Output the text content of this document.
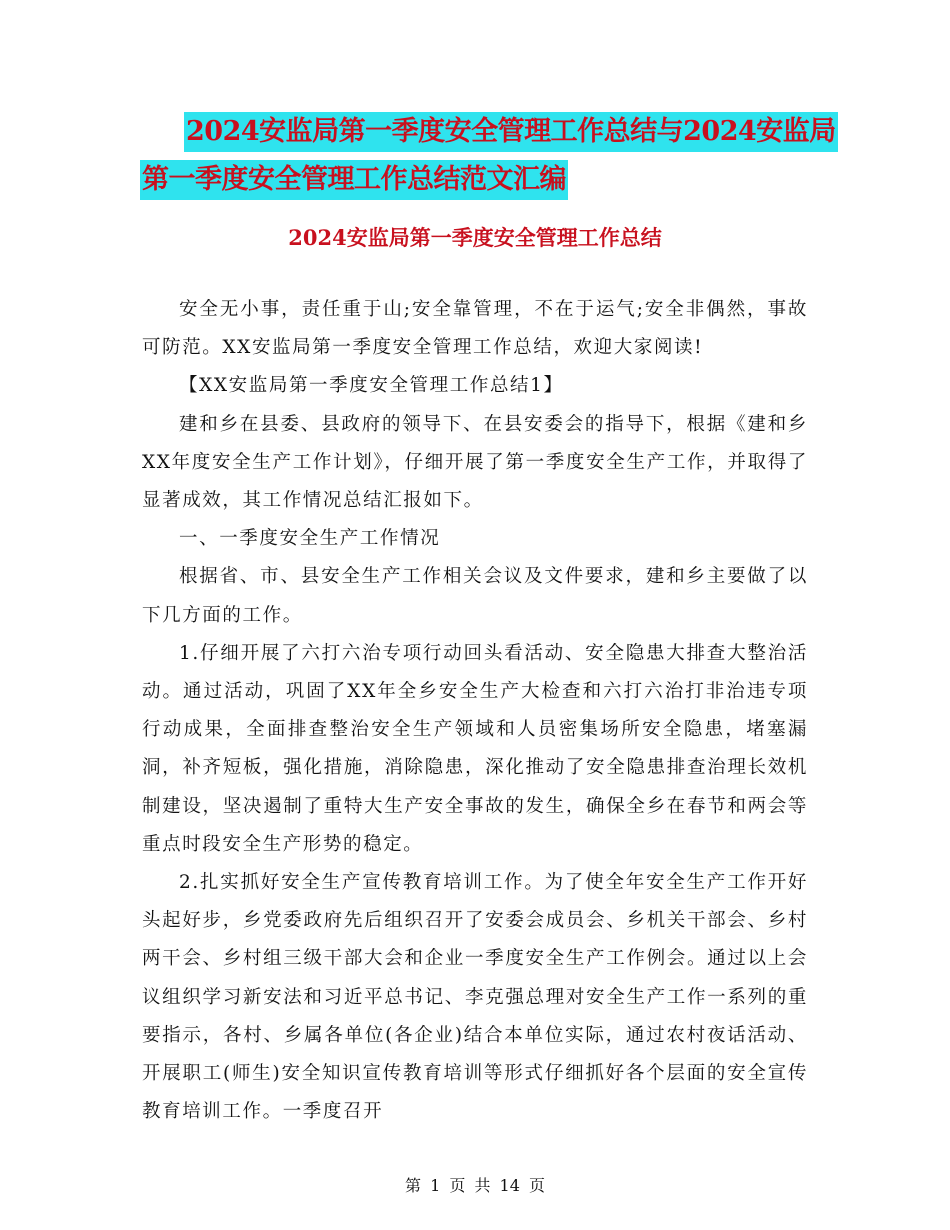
2024安监局第一季度安全管理工作总结与2024安监局
第一季度安全管理工作总结范文汇编
2024安监局第一季度安全管理工作总结

安全无小事，责任重于山;安全靠管理，不在于运气;安全非偶然，事故可防范。XX安监局第一季度安全管理工作总结，欢迎大家阅读!

【XX安监局第一季度安全管理工作总结1】

建和乡在县委、县政府的领导下、在县安委会的指导下，根据《建和乡XX年度安全生产工作计划》，仔细开展了第一季度安全生产工作，并取得了显著成效，其工作情况总结汇报如下。

一、一季度安全生产工作情况

根据省、市、县安全生产工作相关会议及文件要求，建和乡主要做了以下几方面的工作。

1.仔细开展了六打六治专项行动回头看活动、安全隐患大排查大整治活动。通过活动，巩固了XX年全乡安全生产大检查和六打六治打非治违专项行动成果，全面排查整治安全生产领域和人员密集场所安全隐患，堵塞漏洞，补齐短板，强化措施，消除隐患，深化推动了安全隐患排查治理长效机制建设，坚决遏制了重特大生产安全事故的发生，确保全乡在春节和两会等重点时段安全生产形势的稳定。

2.扎实抓好安全生产宣传教育培训工作。为了使全年安全生产工作开好头起好步，乡党委政府先后组织召开了安委会成员会、乡机关干部会、乡村两干会、乡村组三级干部大会和企业一季度安全生产工作例会。通过以上会议组织学习新安法和习近平总书记、李克强总理对安全生产工作一系列的重要指示，各村、乡属各单位(各企业)结合本单位实际，通过农村夜话活动、开展职工(师生)安全知识宣传教育培训等形式仔细抓好各个层面的安全宣传教育培训工作。一季度召开

第 1 页 共 14 页
